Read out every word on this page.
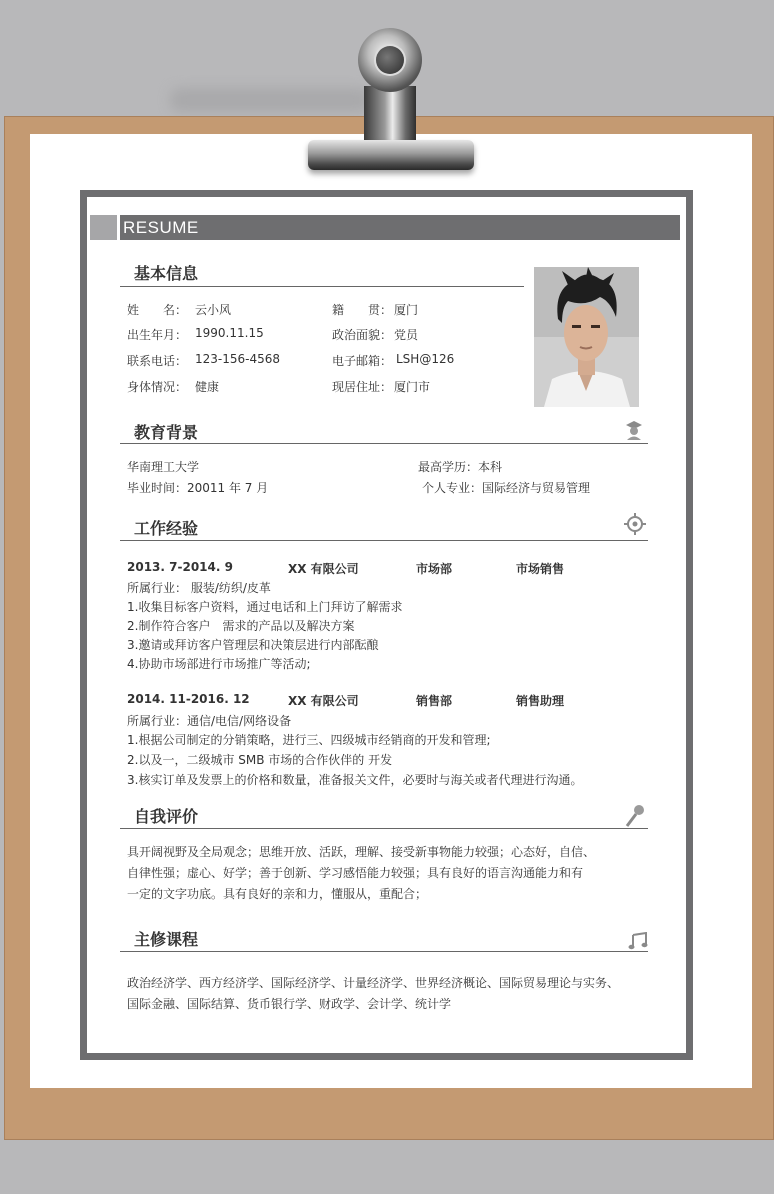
RESUME
基本信息
姓　　名： 云小风	籍　　贯： 厦门
出生年月： 1990.11.15	政治面貌： 党员
联系电话： 123-156-4568	电子邮箱： LSH@126
身体情况： 健康	现居住址： 厦门市
教育背景
华南理工大学	最高学历：本科
毕业时间：20011 年 7 月	个人专业：国际经济与贸易管理
工作经验
2013. 7-2014. 9	XX 有限公司	市场部	市场销售
所属行业： 服装/纺织/皮革
1.收集目标客户资料，通过电话和上门拜访了解需求
2.制作符合客户　需求的产品以及解决方案
3.邀请或拜访客户管理层和决策层进行内部酝酿
4.协助市场部进行市场推广等活动;
2014. 11-2016. 12	XX 有限公司	销售部	销售助理
所属行业：通信/电信/网络设备
1.根据公司制定的分销策略，进行三、四级城市经销商的开发和管理;
2.以及一，二级城市 SMB 市场的合作伙伴的 开发
3.核实订单及发票上的价格和数量，准备报关文件，必要时与海关或者代理进行沟通。
自我评价
具开阔视野及全局观念；思维开放、活跃，理解、接受新事物能力较强；心态好，自信、
自律性强；虚心、好学；善于创新、学习感悟能力较强；具有良好的语言沟通能力和有
一定的文字功底。具有良好的亲和力，懂服从，重配合；
主修课程
政治经济学、西方经济学、国际经济学、计量经济学、世界经济概论、国际贸易理论与实务、
国际金融、国际结算、货币银行学、财政学、会计学、统计学
